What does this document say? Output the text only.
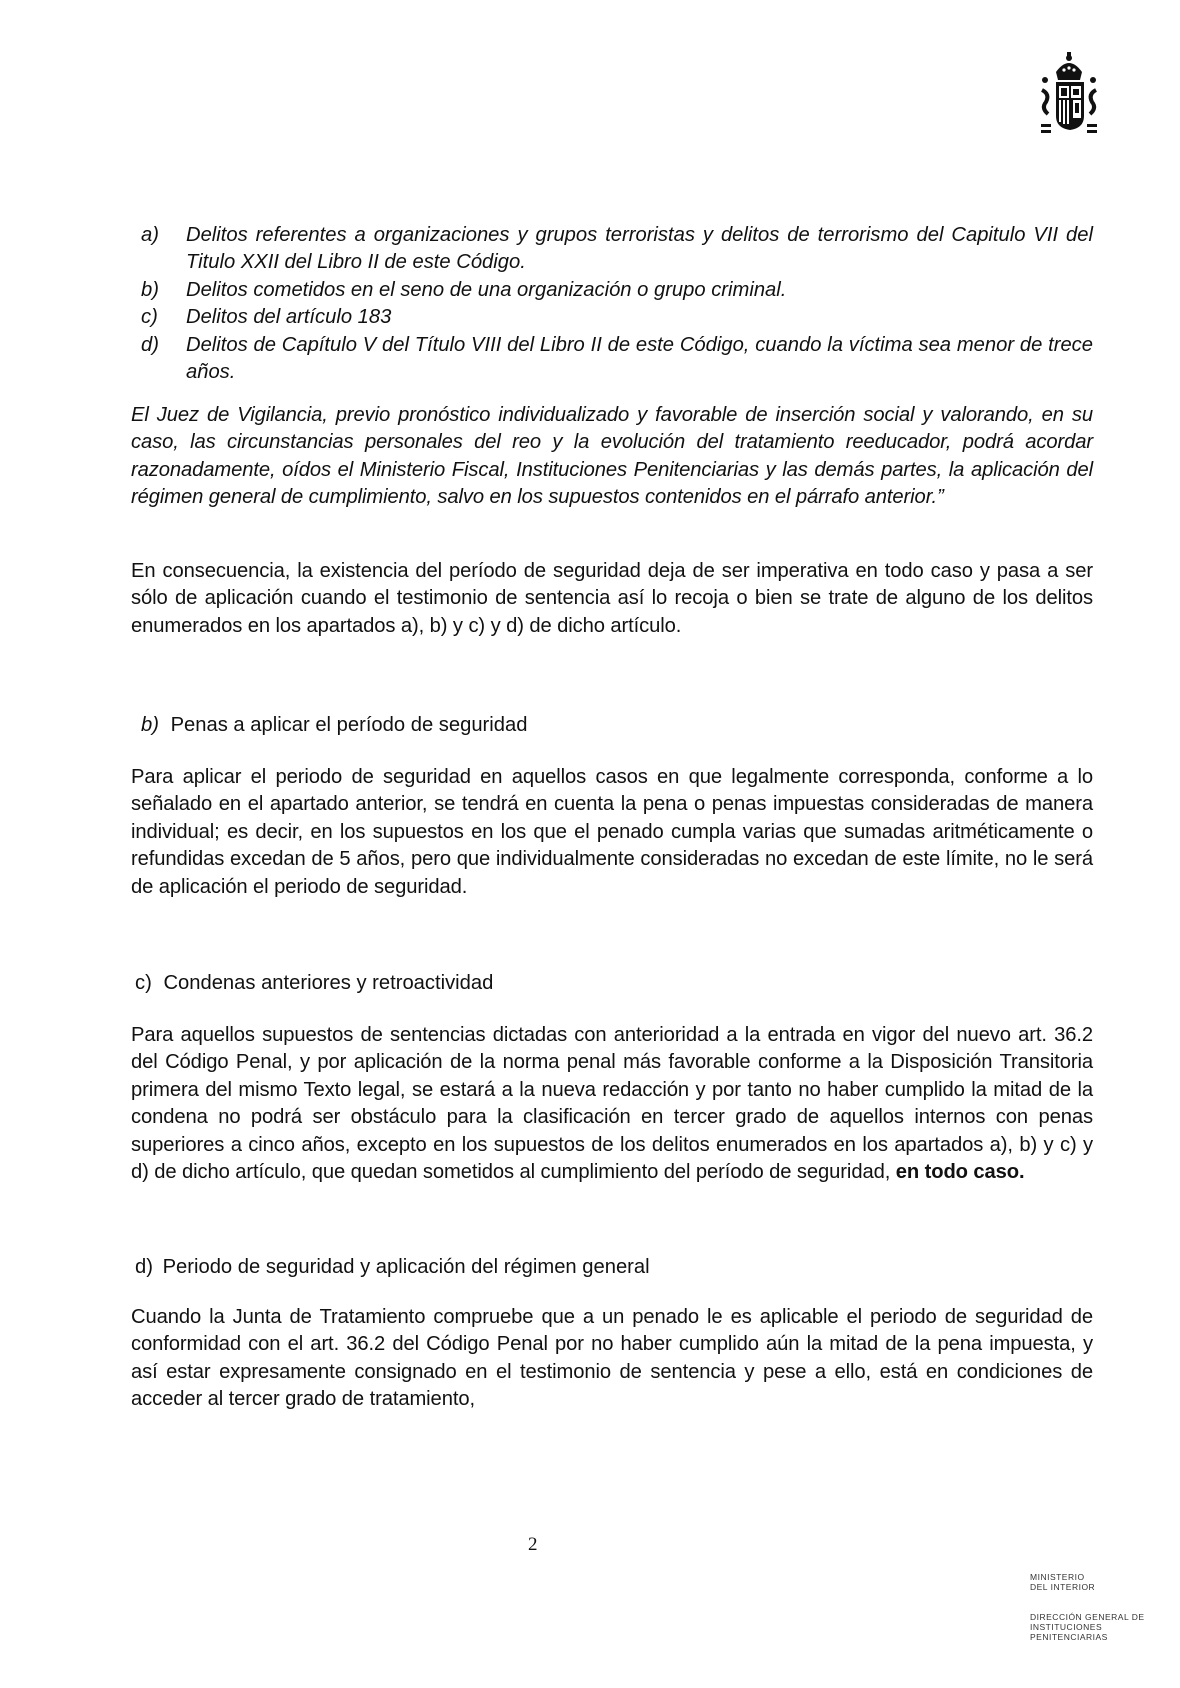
a)	Delitos referentes a organizaciones y grupos terroristas y delitos de terrorismo del Capitulo VII del Titulo XXII del Libro II de este Código.
b)	Delitos cometidos en el seno de una organización o grupo criminal.
c)	Delitos del artículo 183
d)	Delitos de Capítulo V del Título VIII del Libro II de este Código, cuando la víctima sea menor de trece años.

El Juez de Vigilancia, previo pronóstico individualizado y favorable de inserción social y valorando, en su caso, las circunstancias personales del reo y la evolución del tratamiento reeducador, podrá acordar razonadamente, oídos el Ministerio Fiscal, Instituciones Penitenciarias y las demás partes, la aplicación del régimen general de cumplimiento, salvo en los supuestos contenidos en el párrafo anterior.”

En consecuencia, la existencia del período de seguridad deja de ser imperativa en todo caso y pasa a ser sólo de aplicación cuando el testimonio de sentencia así lo recoja o bien se trate de alguno de los delitos enumerados en los apartados a), b) y c) y d) de dicho artículo.

b) Penas a aplicar el período de seguridad

Para aplicar el periodo de seguridad en aquellos casos en que legalmente corresponda, conforme a lo señalado en el apartado anterior, se tendrá en cuenta la pena o penas impuestas consideradas de manera individual; es decir, en los supuestos en los que el penado cumpla varias que sumadas aritméticamente o refundidas excedan de 5 años, pero que individualmente consideradas no excedan de este límite, no le será de aplicación el periodo de seguridad.

c) Condenas anteriores y retroactividad

Para aquellos supuestos de sentencias dictadas con anterioridad a la entrada en vigor del nuevo art. 36.2 del Código Penal, y por aplicación de la norma penal más favorable conforme a la Disposición Transitoria primera del mismo Texto legal, se estará a la nueva redacción y por tanto no haber cumplido la mitad de la condena no podrá ser obstáculo para la clasificación en tercer grado de aquellos internos con penas superiores a cinco años, excepto en los supuestos de los delitos enumerados en los apartados a), b) y c) y d) de dicho artículo, que quedan sometidos al cumplimiento del período de seguridad, en todo caso.

d) Periodo de seguridad y aplicación del régimen general

Cuando la Junta de Tratamiento compruebe que a un penado le es aplicable el periodo de seguridad de conformidad con el art. 36.2 del Código Penal por no haber cumplido aún la mitad de la pena impuesta, y así estar expresamente consignado en el testimonio de sentencia y pese a ello, está en condiciones de acceder al tercer grado de tratamiento,

2
MINISTERIO
DEL INTERIOR
DIRECCIÓN GENERAL DE
INSTITUCIONES
PENITENCIARIAS
